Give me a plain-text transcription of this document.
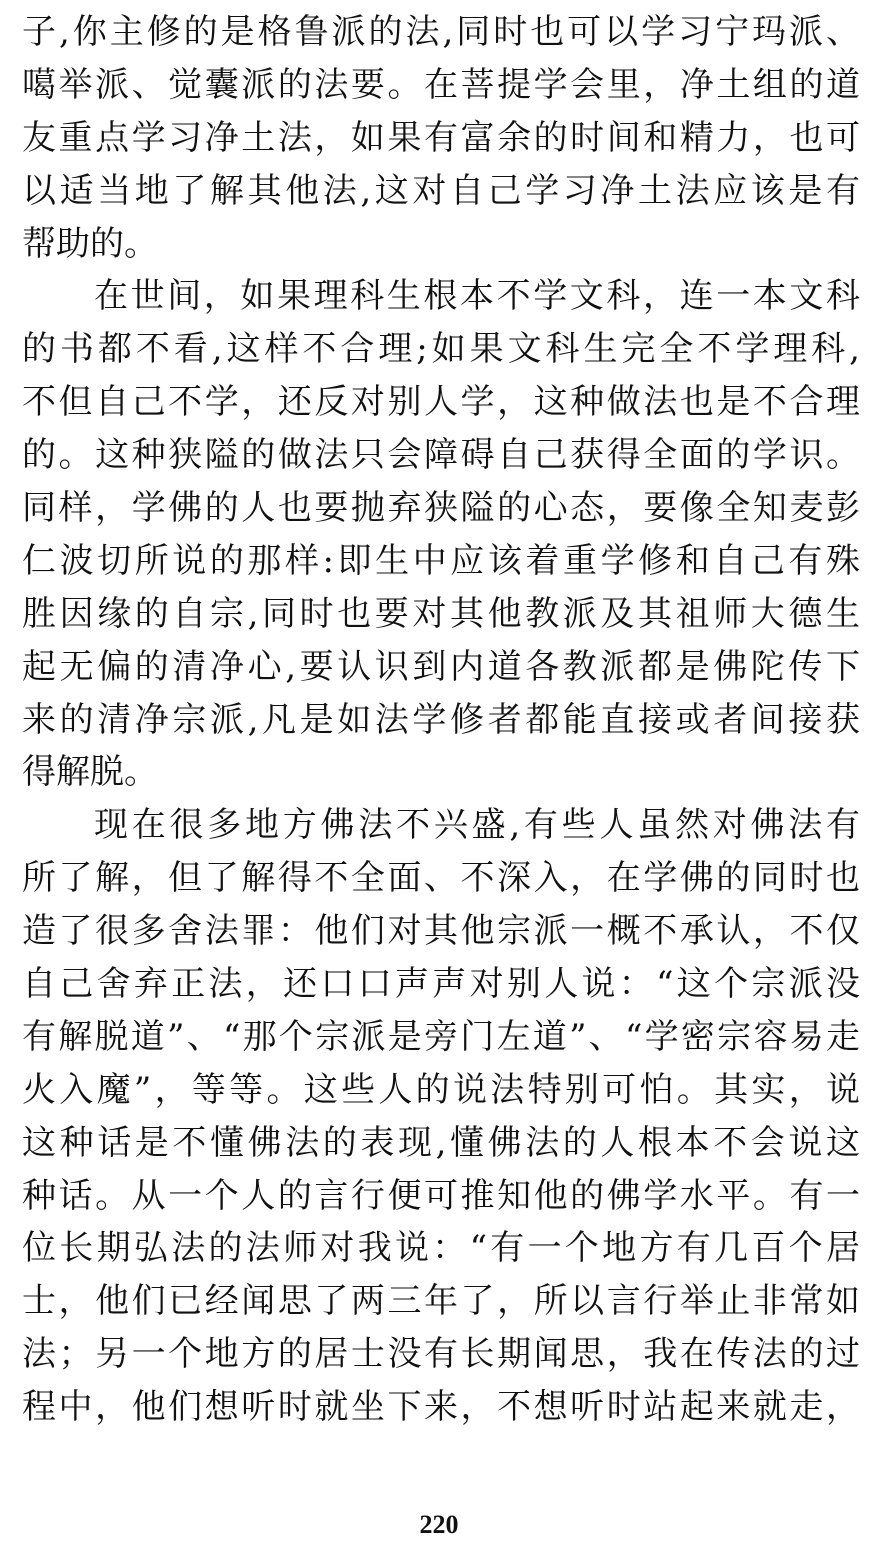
子,你主修的是格鲁派的法,同时也可以学习宁玛派、
噶举派、觉囊派的法要。在菩提学会里，净土组的道
友重点学习净土法，如果有富余的时间和精力，也可
以适当地了解其他法,这对自己学习净土法应该是有
帮助的。
在世间，如果理科生根本不学文科，连一本文科
的书都不看,这样不合理;如果文科生完全不学理科,
不但自己不学，还反对别人学，这种做法也是不合理
的。这种狭隘的做法只会障碍自己获得全面的学识。
同样，学佛的人也要抛弃狭隘的心态，要像全知麦彭
仁波切所说的那样:即生中应该着重学修和自己有殊
胜因缘的自宗,同时也要对其他教派及其祖师大德生
起无偏的清净心,要认识到内道各教派都是佛陀传下
来的清净宗派,凡是如法学修者都能直接或者间接获
得解脱。
现在很多地方佛法不兴盛,有些人虽然对佛法有
所了解，但了解得不全面、不深入，在学佛的同时也
造了很多舍法罪：他们对其他宗派一概不承认，不仅
自己舍弃正法，还口口声声对别人说：“这个宗派没
有解脱道”、“那个宗派是旁门左道”、“学密宗容易走
火入魔”，等等。这些人的说法特别可怕。其实，说
这种话是不懂佛法的表现,懂佛法的人根本不会说这
种话。从一个人的言行便可推知他的佛学水平。有一
位长期弘法的法师对我说：“有一个地方有几百个居
士，他们已经闻思了两三年了，所以言行举止非常如
法；另一个地方的居士没有长期闻思，我在传法的过
程中，他们想听时就坐下来，不想听时站起来就走，
220
